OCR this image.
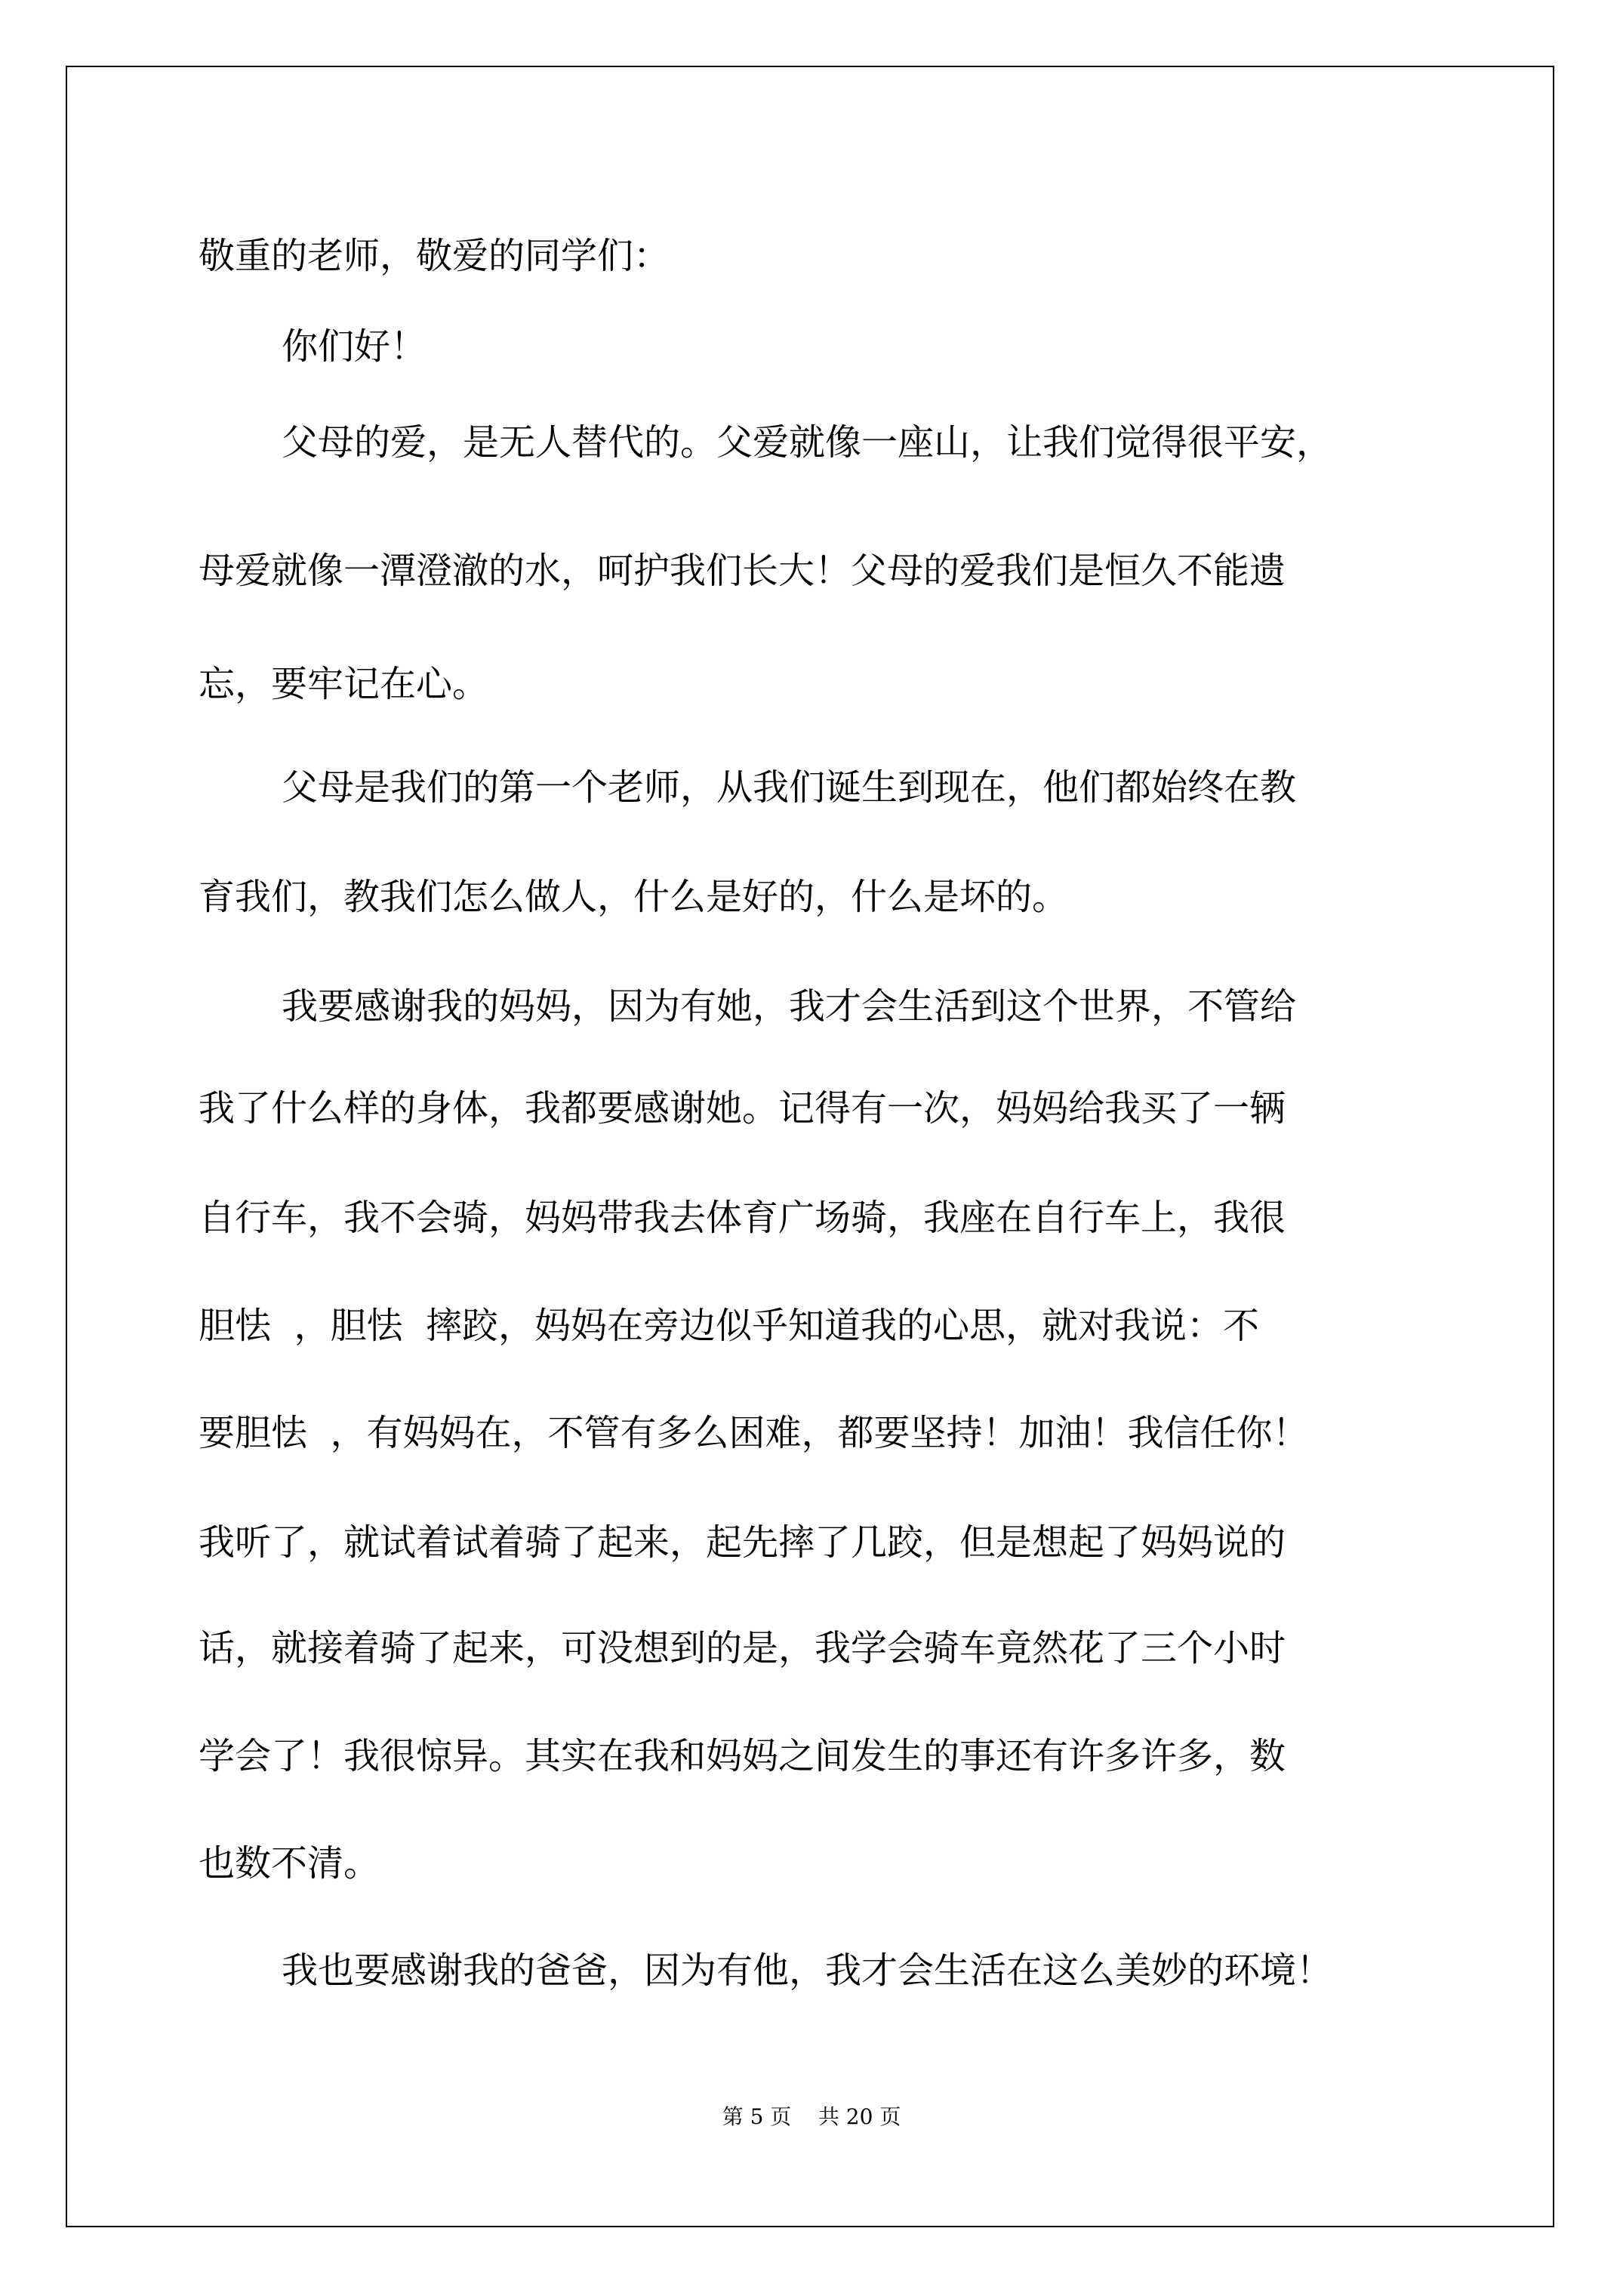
敬重的老师，敬爱的同学们：

你们好！

父母的爱，是无人替代的。父爱就像一座山，让我们觉得很平安，

母爱就像一潭澄澈的水，呵护我们长大！父母的爱我们是恒久不能遗

忘，要牢记在心。

父母是我们的第一个老师，从我们诞生到现在，他们都始终在教

育我们，教我们怎么做人，什么是好的，什么是坏的。

我要感谢我的妈妈，因为有她，我才会生活到这个世界，不管给

我了什么样的身体，我都要感谢她。记得有一次，妈妈给我买了一辆

自行车，我不会骑，妈妈带我去体育广场骑，我座在自行车上，我很

胆怯  ，胆怯  摔跤，妈妈在旁边似乎知道我的心思，就对我说：不

要胆怯  ，有妈妈在，不管有多么困难，都要坚持！加油！我信任你！

我听了，就试着试着骑了起来，起先摔了几跤，但是想起了妈妈说的

话，就接着骑了起来，可没想到的是，我学会骑车竟然花了三个小时

学会了！我很惊异。其实在我和妈妈之间发生的事还有许多许多，数

也数不清。

我也要感谢我的爸爸，因为有他，我才会生活在这么美妙的环境！

第 5 页    共 20 页
